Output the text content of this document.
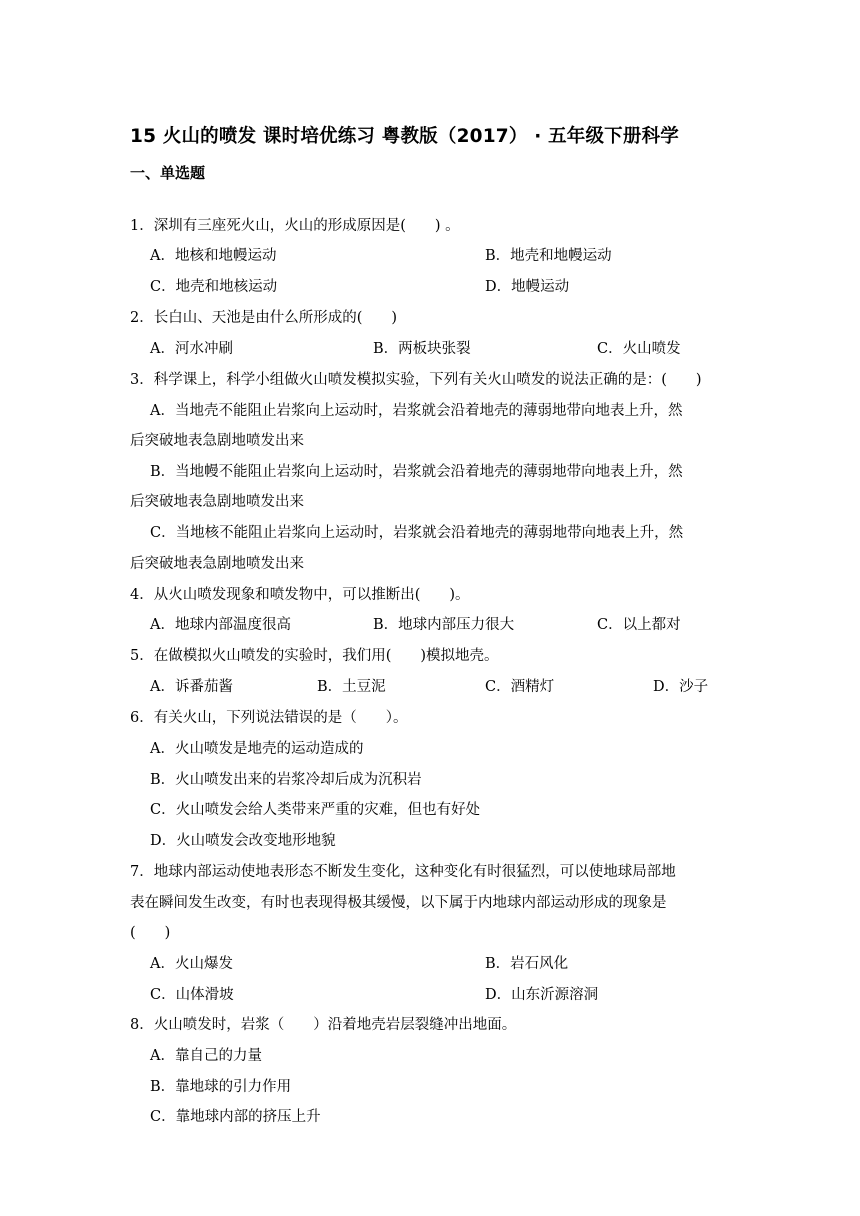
15 火山的喷发 课时培优练习 粤教版（2017） · 五年级下册科学
一、单选题
1．深圳有三座死火山，火山的形成原因是(　　) 。
A．地核和地幔运动	B．地壳和地幔运动
C．地壳和地核运动	D．地幔运动
2．长白山、天池是由什么所形成的(　　)
A．河水冲刷	B．两板块张裂	C．火山喷发
3．科学课上，科学小组做火山喷发模拟实验，下列有关火山喷发的说法正确的是：(　　)
A．当地壳不能阻止岩浆向上运动时，岩浆就会沿着地壳的薄弱地带向地表上升，然
后突破地表急剧地喷发出来
B．当地幔不能阻止岩浆向上运动时，岩浆就会沿着地壳的薄弱地带向地表上升，然
后突破地表急剧地喷发出来
C．当地核不能阻止岩浆向上运动时，岩浆就会沿着地壳的薄弱地带向地表上升，然
后突破地表急剧地喷发出来
4．从火山喷发现象和喷发物中，可以推断出(　　)。
A．地球内部温度很高	B．地球内部压力很大	C．以上都对
5．在做模拟火山喷发的实验时，我们用(　　)模拟地壳。
A．诉番茄酱	B．土豆泥	C．酒精灯	D．沙子
6．有关火山，下列说法错误的是（　　）。
A．火山喷发是地壳的运动造成的
B．火山喷发出来的岩浆冷却后成为沉积岩
C．火山喷发会给人类带来严重的灾难，但也有好处
D．火山喷发会改变地形地貌
7．地球内部运动使地表形态不断发生变化，这种变化有时很猛烈，可以使地球局部地
表在瞬间发生改变，有时也表现得极其缓慢，以下属于内地球内部运动形成的现象是
(　　)
A．火山爆发	B．岩石风化
C．山体滑坡	D．山东沂源溶洞
8．火山喷发时，岩浆（　　）沿着地壳岩层裂缝冲出地面。
A．靠自己的力量
B．靠地球的引力作用
C．靠地球内部的挤压上升
